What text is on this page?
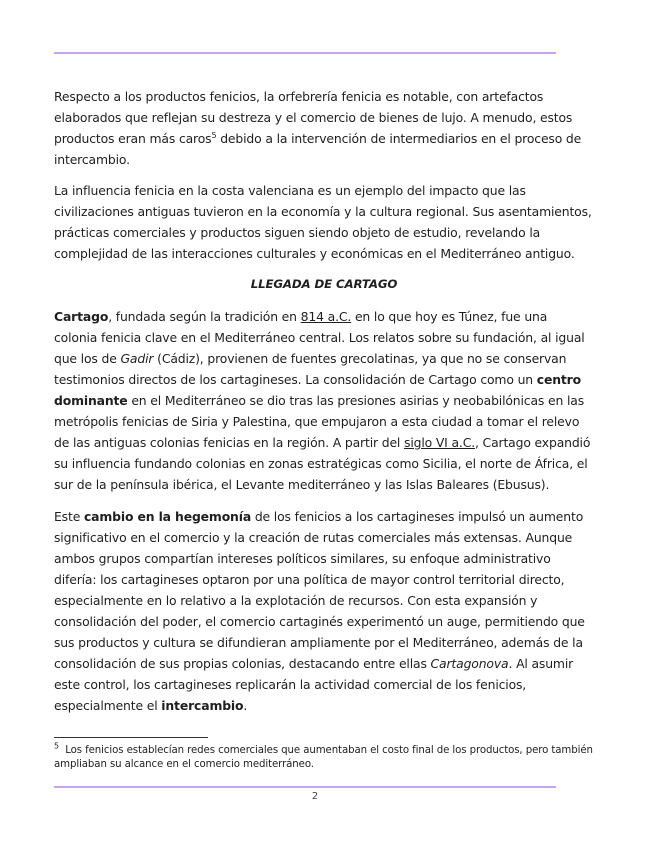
Respecto a los productos fenicios, la orfebrería fenicia es notable, con artefactos elaborados que reflejan su destreza y el comercio de bienes de lujo. A menudo, estos productos eran más caros$^5$ debido a la intervención de intermediarios en el proceso de intercambio.

La influencia fenicia en la costa valenciana es un ejemplo del impacto que las civilizaciones antiguas tuvieron en la economía y la cultura regional. Sus asentamientos, prácticas comerciales y productos siguen siendo objeto de estudio, revelando la complejidad de las interacciones culturales y económicas en el Mediterráneo antiguo.

LLEGADA DE CARTAGO

Cartago, fundada según la tradición en 814 a.C. en lo que hoy es Túnez, fue una colonia fenicia clave en el Mediterráneo central. Los relatos sobre su fundación, al igual que los de Gadir (Cádiz), provienen de fuentes grecolatinas, ya que no se conservan testimonios directos de los cartagineses. La consolidación de Cartago como un centro dominante en el Mediterráneo se dio tras las presiones asirias y neobabilónicas en las metrópolis fenicias de Siria y Palestina, que empujaron a esta ciudad a tomar el relevo de las antiguas colonias fenicias en la región. A partir del siglo VI a.C., Cartago expandió su influencia fundando colonias en zonas estratégicas como Sicilia, el norte de África, el sur de la península ibérica, el Levante mediterráneo y las Islas Baleares (Ebusus).

Este cambio en la hegemonía de los fenicios a los cartagineses impulsó un aumento significativo en el comercio y la creación de rutas comerciales más extensas. Aunque ambos grupos compartían intereses políticos similares, su enfoque administrativo difería: los cartagineses optaron por una política de mayor control territorial directo, especialmente en lo relativo a la explotación de recursos. Con esta expansión y consolidación del poder, el comercio cartaginés experimentó un auge, permitiendo que sus productos y cultura se difundieran ampliamente por el Mediterráneo, además de la consolidación de sus propias colonias, destacando entre ellas Cartagonova. Al asumir este control, los cartagineses replicarán la actividad comercial de los fenicios, especialmente el intercambio.

$^5$ Los fenicios establecían redes comerciales que aumentaban el costo final de los productos, pero también ampliaban su alcance en el comercio mediterráneo.
2
